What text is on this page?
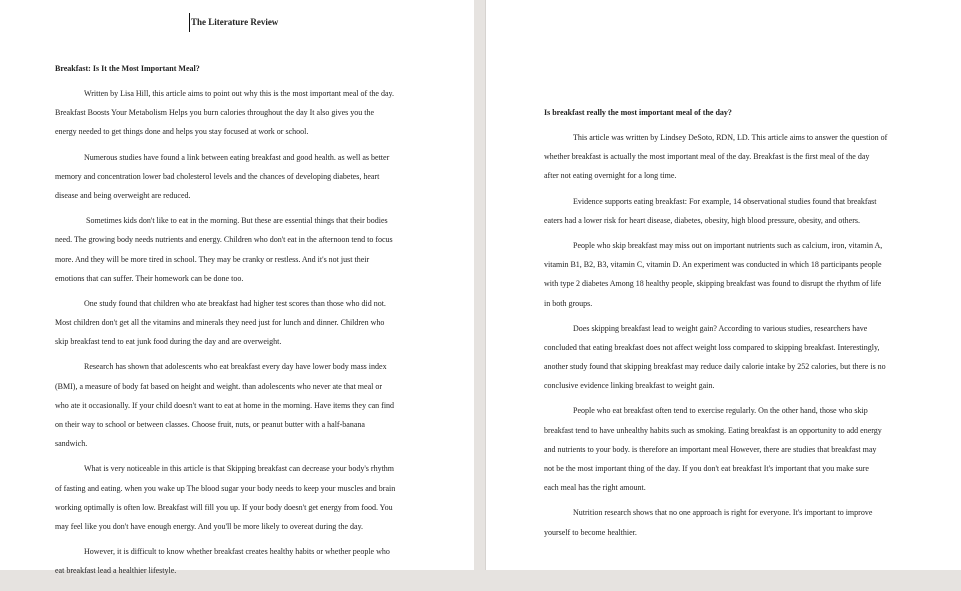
The Literature Review
Breakfast: Is It the Most Important Meal?
Written by Lisa Hill, this article aims to point out why this is the most important meal of the day.
Breakfast Boosts Your Metabolism Helps you burn calories throughout the day It also gives you the
energy needed to get things done and helps you stay focused at work or school.
Numerous studies have found a link between eating breakfast and good health. as well as better
memory and concentration lower bad cholesterol levels and the chances of developing diabetes, heart
disease and being overweight are reduced.
Sometimes kids don't like to eat in the morning. But these are essential things that their bodies
need. The growing body needs nutrients and energy. Children who don't eat in the afternoon tend to focus
more. And they will be more tired in school. They may be cranky or restless. And it's not just their
emotions that can suffer. Their homework can be done too.
One study found that children who ate breakfast had higher test scores than those who did not.
Most children don't get all the vitamins and minerals they need just for lunch and dinner. Children who
skip breakfast tend to eat junk food during the day and are overweight.
Research has shown that adolescents who eat breakfast every day have lower body mass index
(BMI), a measure of body fat based on height and weight. than adolescents who never ate that meal or
who ate it occasionally. If your child doesn't want to eat at home in the morning. Have items they can find
on their way to school or between classes. Choose fruit, nuts, or peanut butter with a half-banana
sandwich.
What is very noticeable in this article is that Skipping breakfast can decrease your body's rhythm
of fasting and eating. when you wake up The blood sugar your body needs to keep your muscles and brain
working optimally is often low. Breakfast will fill you up. If your body doesn't get energy from food. You
may feel like you don't have enough energy. And you'll be more likely to overeat during the day.
However, it is difficult to know whether breakfast creates healthy habits or whether people who
eat breakfast lead a healthier lifestyle.
Is breakfast really the most important meal of the day?
This article was written by Lindsey DeSoto, RDN, LD. This article aims to answer the question of
whether breakfast is actually the most important meal of the day. Breakfast is the first meal of the day
after not eating overnight for a long time.
Evidence supports eating breakfast: For example, 14 observational studies found that breakfast
eaters had a lower risk for heart disease, diabetes, obesity, high blood pressure, obesity, and others.
People who skip breakfast may miss out on important nutrients such as calcium, iron, vitamin A,
vitamin B1, B2, B3, vitamin C, vitamin D. An experiment was conducted in which 18 participants people
with type 2 diabetes Among 18 healthy people, skipping breakfast was found to disrupt the rhythm of life
in both groups.
Does skipping breakfast lead to weight gain? According to various studies, researchers have
concluded that eating breakfast does not affect weight loss compared to skipping breakfast. Interestingly,
another study found that skipping breakfast may reduce daily calorie intake by 252 calories, but there is no
conclusive evidence linking breakfast to weight gain.
People who eat breakfast often tend to exercise regularly. On the other hand, those who skip
breakfast tend to have unhealthy habits such as smoking. Eating breakfast is an opportunity to add energy
and nutrients to your body. is therefore an important meal However, there are studies that breakfast may
not be the most important thing of the day. If you don't eat breakfast It's important that you make sure
each meal has the right amount.
Nutrition research shows that no one approach is right for everyone. It's important to improve
yourself to become healthier.
